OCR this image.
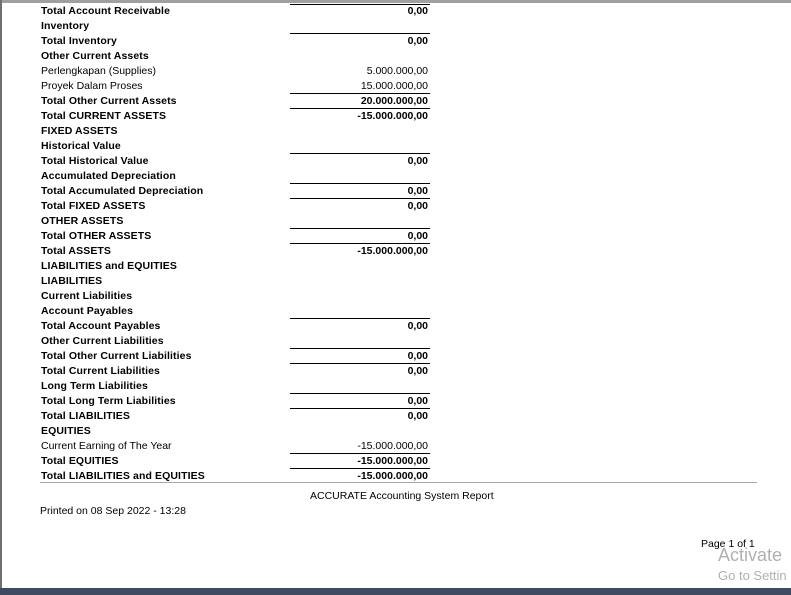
Total Account Receivable	0,00
Inventory
Total Inventory	0,00
Other Current Assets
Perlengkapan (Supplies)	5.000.000,00
Proyek Dalam Proses	15.000.000,00
Total Other Current Assets	20.000.000,00
Total CURRENT ASSETS	-15.000.000,00
FIXED ASSETS
Historical Value
Total Historical Value	0,00
Accumulated Depreciation
Total Accumulated Depreciation	0,00
Total FIXED ASSETS	0,00
OTHER ASSETS
Total OTHER ASSETS	0,00
Total ASSETS	-15.000.000,00
LIABILITIES and EQUITIES
LIABILITIES
Current Liabilities
Account Payables
Total Account Payables	0,00
Other Current Liabilities
Total Other Current Liabilities	0,00
Total Current Liabilities	0,00
Long Term Liabilities
Total Long Term Liabilities	0,00
Total LIABILITIES	0,00
EQUITIES
Current Earning of The Year	-15.000.000,00
Total EQUITIES	-15.000.000,00
Total LIABILITIES and EQUITIES	-15.000.000,00
ACCURATE Accounting System Report
Printed on 08 Sep 2022 - 13:28
Page 1 of 1
Activate
Go to Settin
